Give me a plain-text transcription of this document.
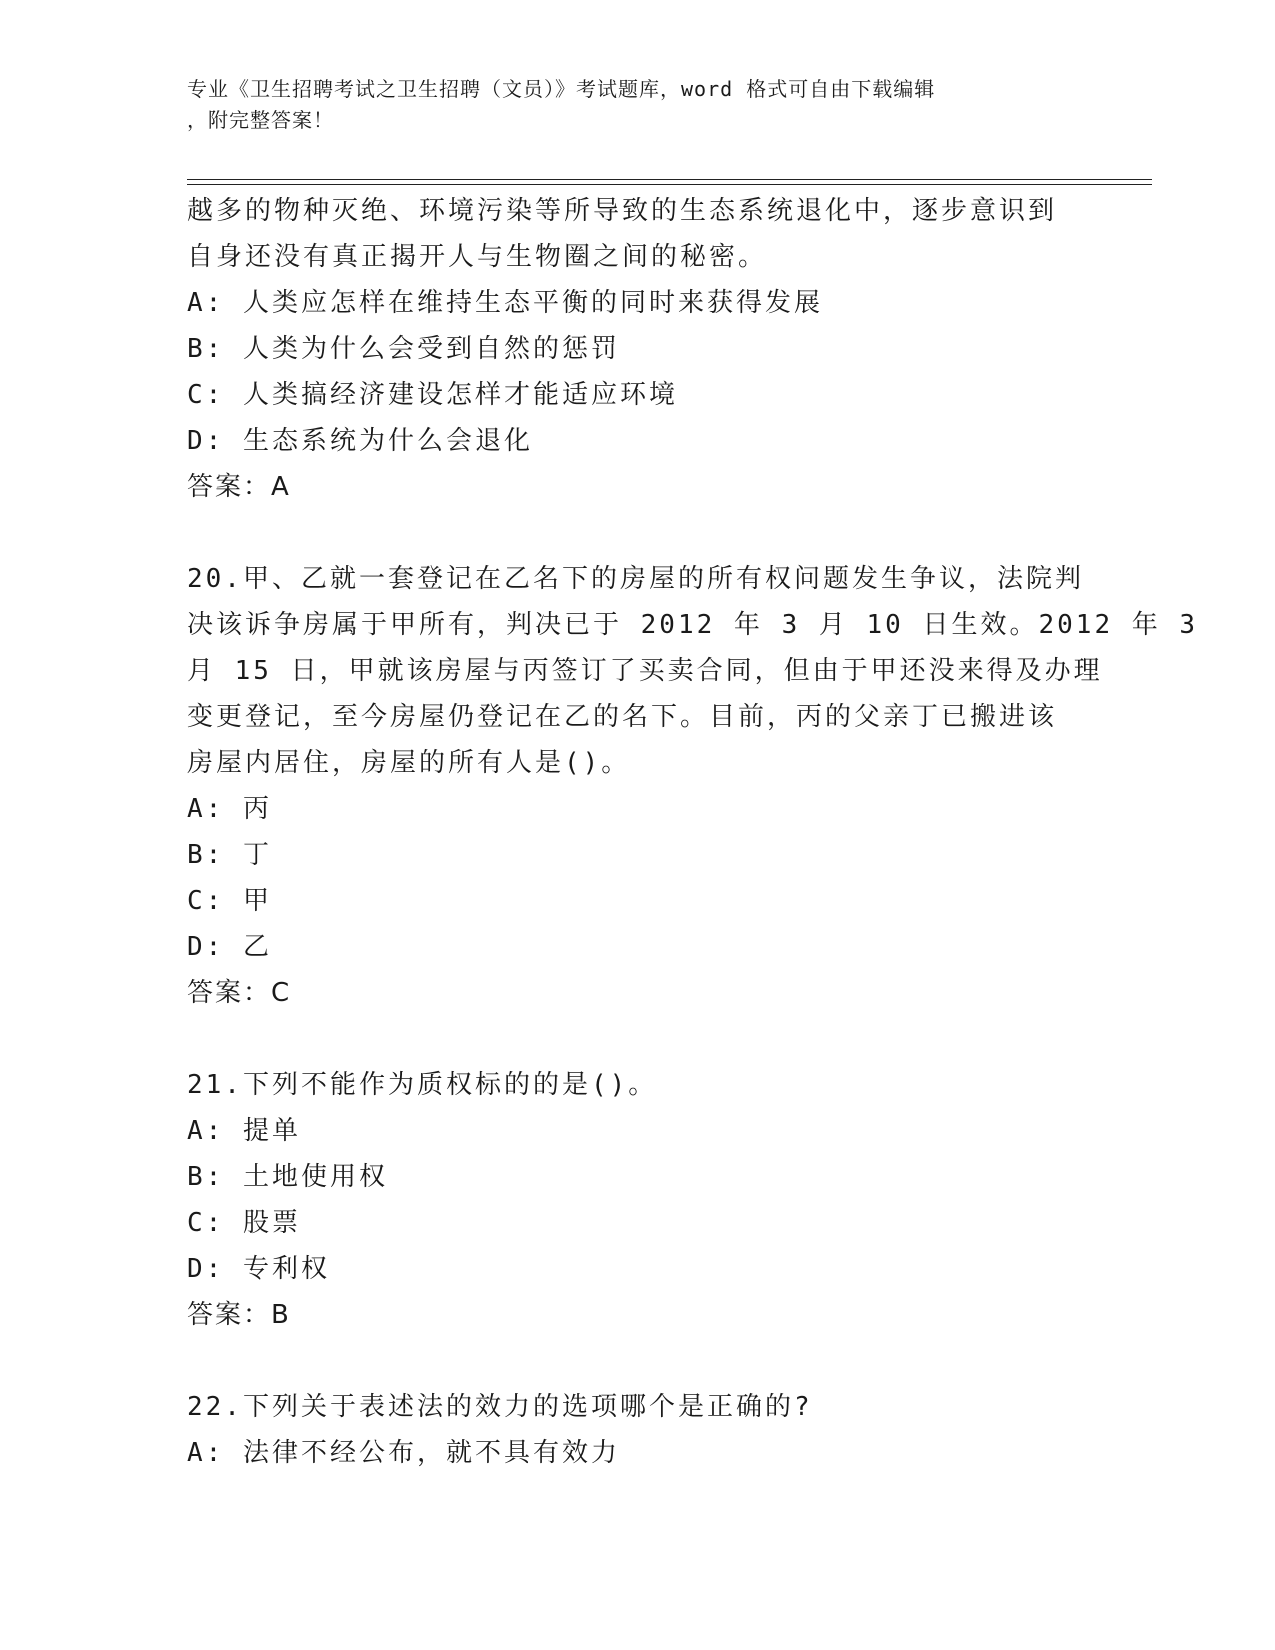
专业《卫生招聘考试之卫生招聘（文员）》考试题库，word 格式可自由下载编辑
，附完整答案！
越多的物种灭绝、环境污染等所导致的生态系统退化中，逐步意识到
自身还没有真正揭开人与生物圈之间的秘密。
A: 人类应怎样在维持生态平衡的同时来获得发展
B: 人类为什么会受到自然的惩罚
C: 人类搞经济建设怎样才能适应环境
D: 生态系统为什么会退化
答案：A
20.甲、乙就一套登记在乙名下的房屋的所有权问题发生争议，法院判
决该诉争房属于甲所有，判决已于 2012 年 3 月 10 日生效。2012 年 3
月 15 日，甲就该房屋与丙签订了买卖合同，但由于甲还没来得及办理
变更登记，至今房屋仍登记在乙的名下。目前，丙的父亲丁已搬进该
房屋内居住，房屋的所有人是()。
A: 丙
B: 丁
C: 甲
D: 乙
答案：C
21.下列不能作为质权标的的是()。
A: 提单
B: 土地使用权
C: 股票
D: 专利权
答案：B
22.下列关于表述法的效力的选项哪个是正确的?
A: 法律不经公布，就不具有效力
